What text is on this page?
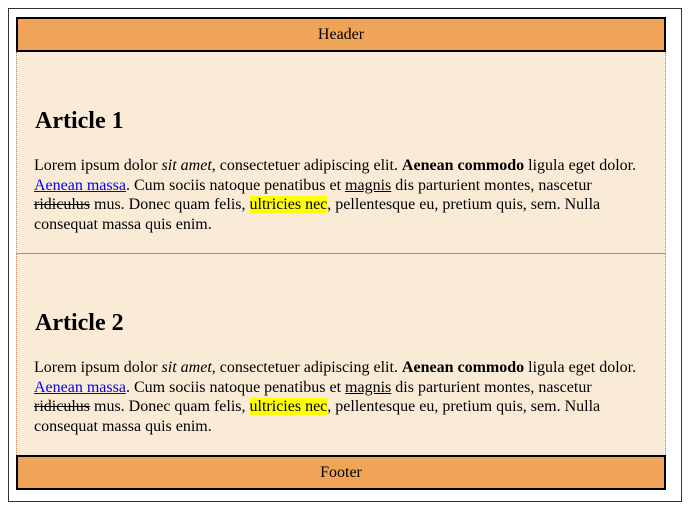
Header
Article 1

Lorem ipsum dolor sit amet, consectetuer adipiscing elit. Aenean commodo ligula eget dolor. Aenean massa. Cum sociis natoque penatibus et magnis dis parturient montes, nascetur ridiculus mus. Donec quam felis, ultricies nec, pellentesque eu, pretium quis, sem. Nulla consequat massa quis enim.

Article 2

Lorem ipsum dolor sit amet, consectetuer adipiscing elit. Aenean commodo ligula eget dolor. Aenean massa. Cum sociis natoque penatibus et magnis dis parturient montes, nascetur ridiculus mus. Donec quam felis, ultricies nec, pellentesque eu, pretium quis, sem. Nulla consequat massa quis enim.

Footer
